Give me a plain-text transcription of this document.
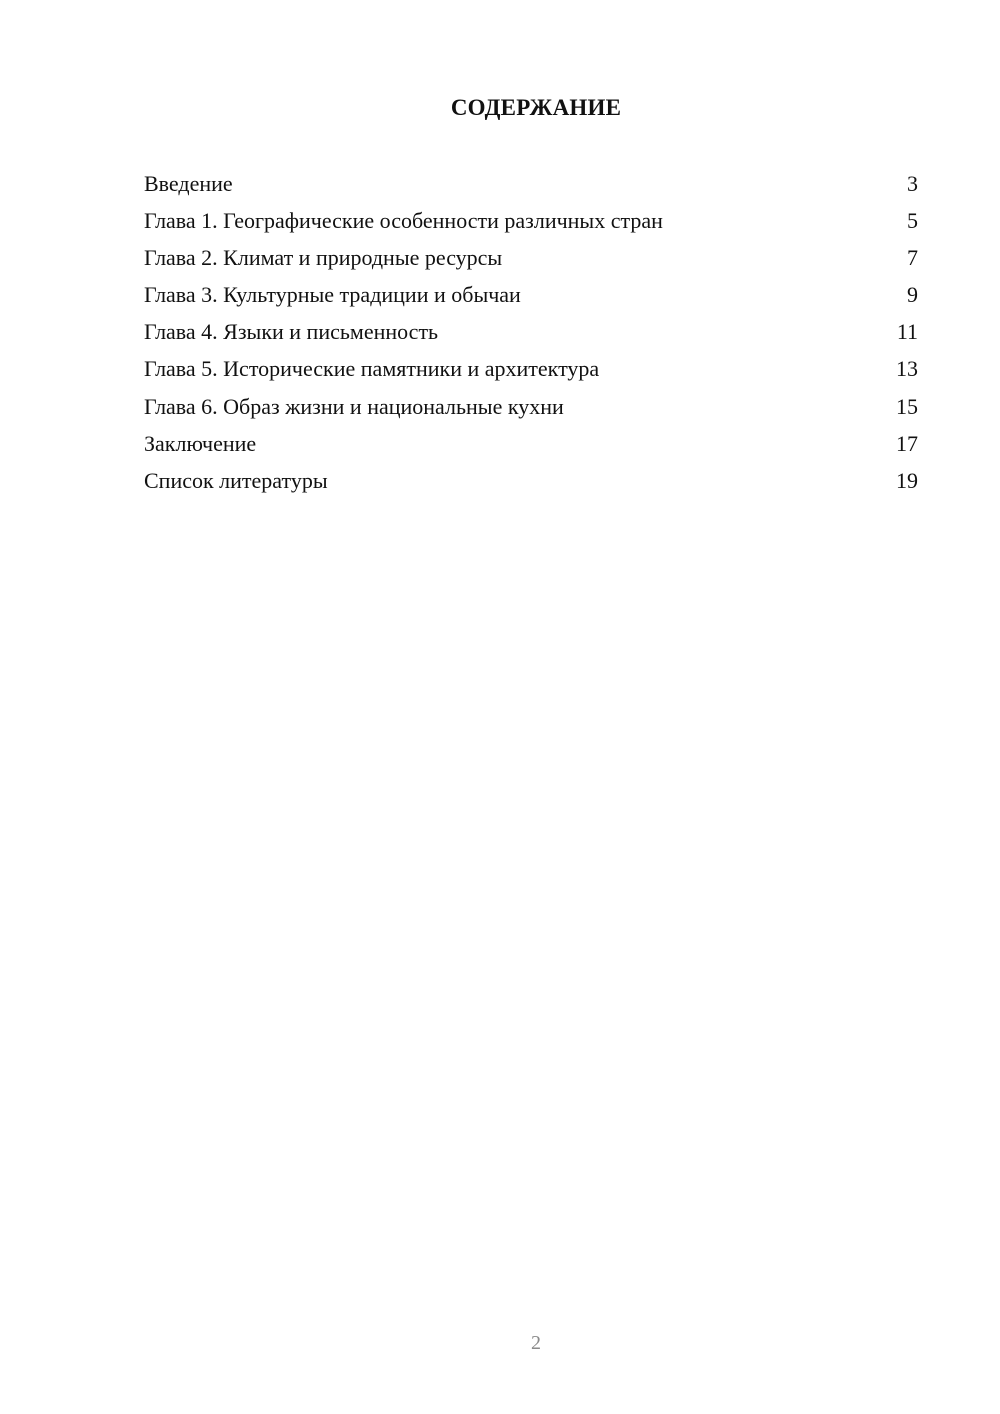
СОДЕРЖАНИЕ
Введение	3
Глава 1. Географические особенности различных стран	5
Глава 2. Климат и природные ресурсы	7
Глава 3. Культурные традиции и обычаи	9
Глава 4. Языки и письменность	11
Глава 5. Исторические памятники и архитектура	13
Глава 6. Образ жизни и национальные кухни	15
Заключение	17
Список литературы	19
2
